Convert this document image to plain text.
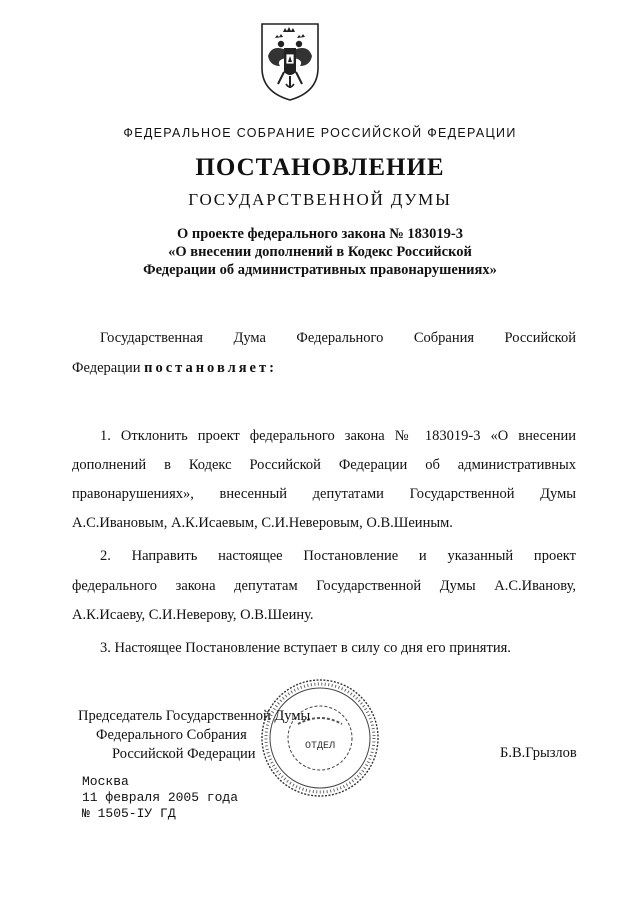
ФЕДЕРАЛЬНОЕ СОБРАНИЕ РОССИЙСКОЙ ФЕДЕРАЦИИ
ПОСТАНОВЛЕНИЕ
ГОСУДАРСТВЕННОЙ ДУМЫ
О проекте федерального закона № 183019-3
«О внесении дополнений в Кодекс Российской
Федерации об административных правонарушениях»
Государственная Дума Федерального Собрания Российской
Федерации постановляет:
1. Отклонить проект федерального закона № 183019-3 «О внесении
дополнений в Кодекс Российской Федерации об административных
правонарушениях», внесенный депутатами Государственной Думы
А.С.Ивановым, А.К.Исаевым, С.И.Неверовым, О.В.Шеиным.
2. Направить настоящее Постановление и указанный проект
федерального закона депутатам Государственной Думы А.С.Иванову,
А.К.Исаеву, С.И.Неверову, О.В.Шеину.
3. Настоящее Постановление вступает в силу со дня его принятия.
ОТДЕЛ
Председатель Государственной Думы
Федерального Собрания
Российской Федерации	Б.В.Грызлов
Москва
11 февраля 2005 года
№ 1505-IУ ГД
